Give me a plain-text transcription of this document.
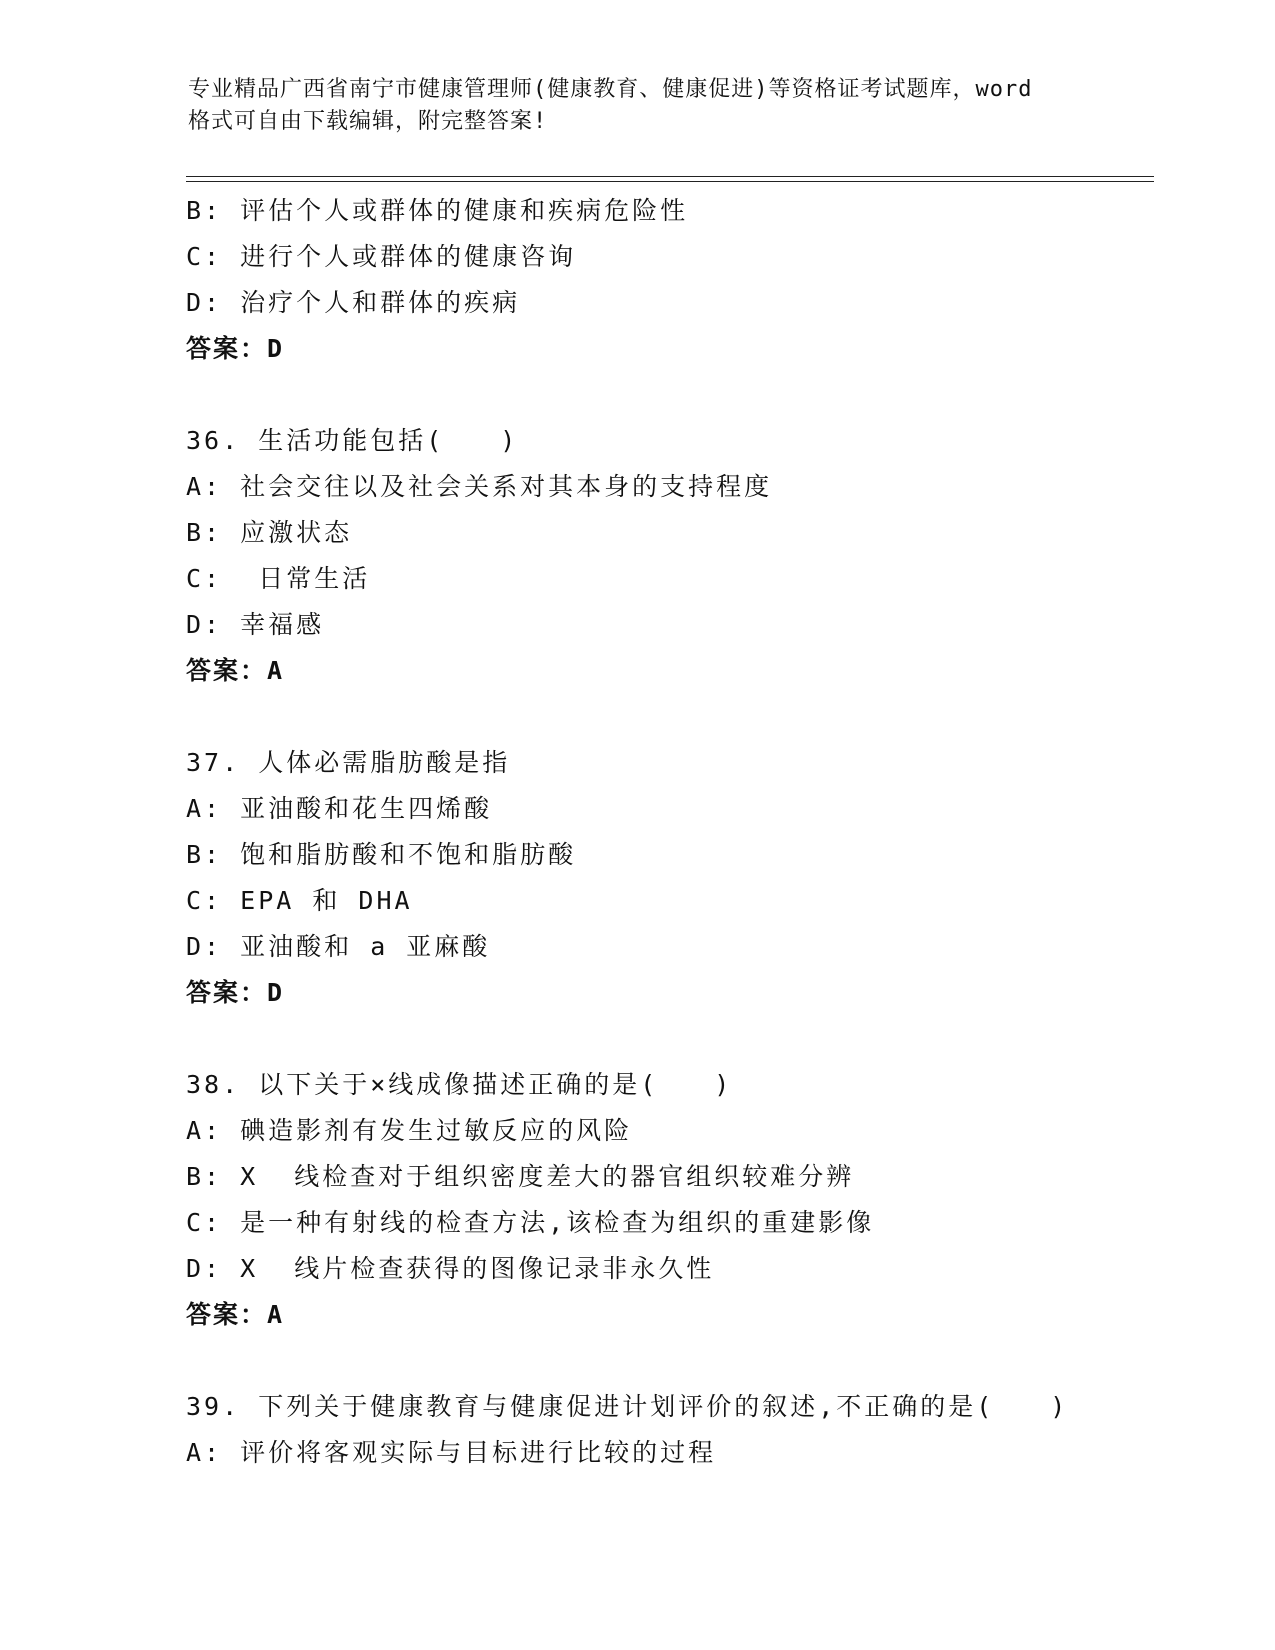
专业精品广西省南宁市健康管理师(健康教育、健康促进)等资格证考试题库，word
格式可自由下载编辑，附完整答案!
B: 评估个人或群体的健康和疾病危险性
C: 进行个人或群体的健康咨询
D: 治疗个人和群体的疾病
答案：D
36. 生活功能包括(　　)
A: 社会交往以及社会关系对其本身的支持程度
B: 应激状态
C:  日常生活
D: 幸福感
答案：A
37. 人体必需脂肪酸是指
A: 亚油酸和花生四烯酸
B: 饱和脂肪酸和不饱和脂肪酸
C: EPA 和 DHA
D: 亚油酸和 a 亚麻酸
答案：D
38. 以下关于×线成像描述正确的是(　　)
A: 碘造影剂有发生过敏反应的风险
B: X  线检查对于组织密度差大的器官组织较难分辨
C: 是一种有射线的检查方法,该检查为组织的重建影像
D: X  线片检查获得的图像记录非永久性
答案：A
39. 下列关于健康教育与健康促进计划评价的叙述,不正确的是(　　)
A: 评价将客观实际与目标进行比较的过程
